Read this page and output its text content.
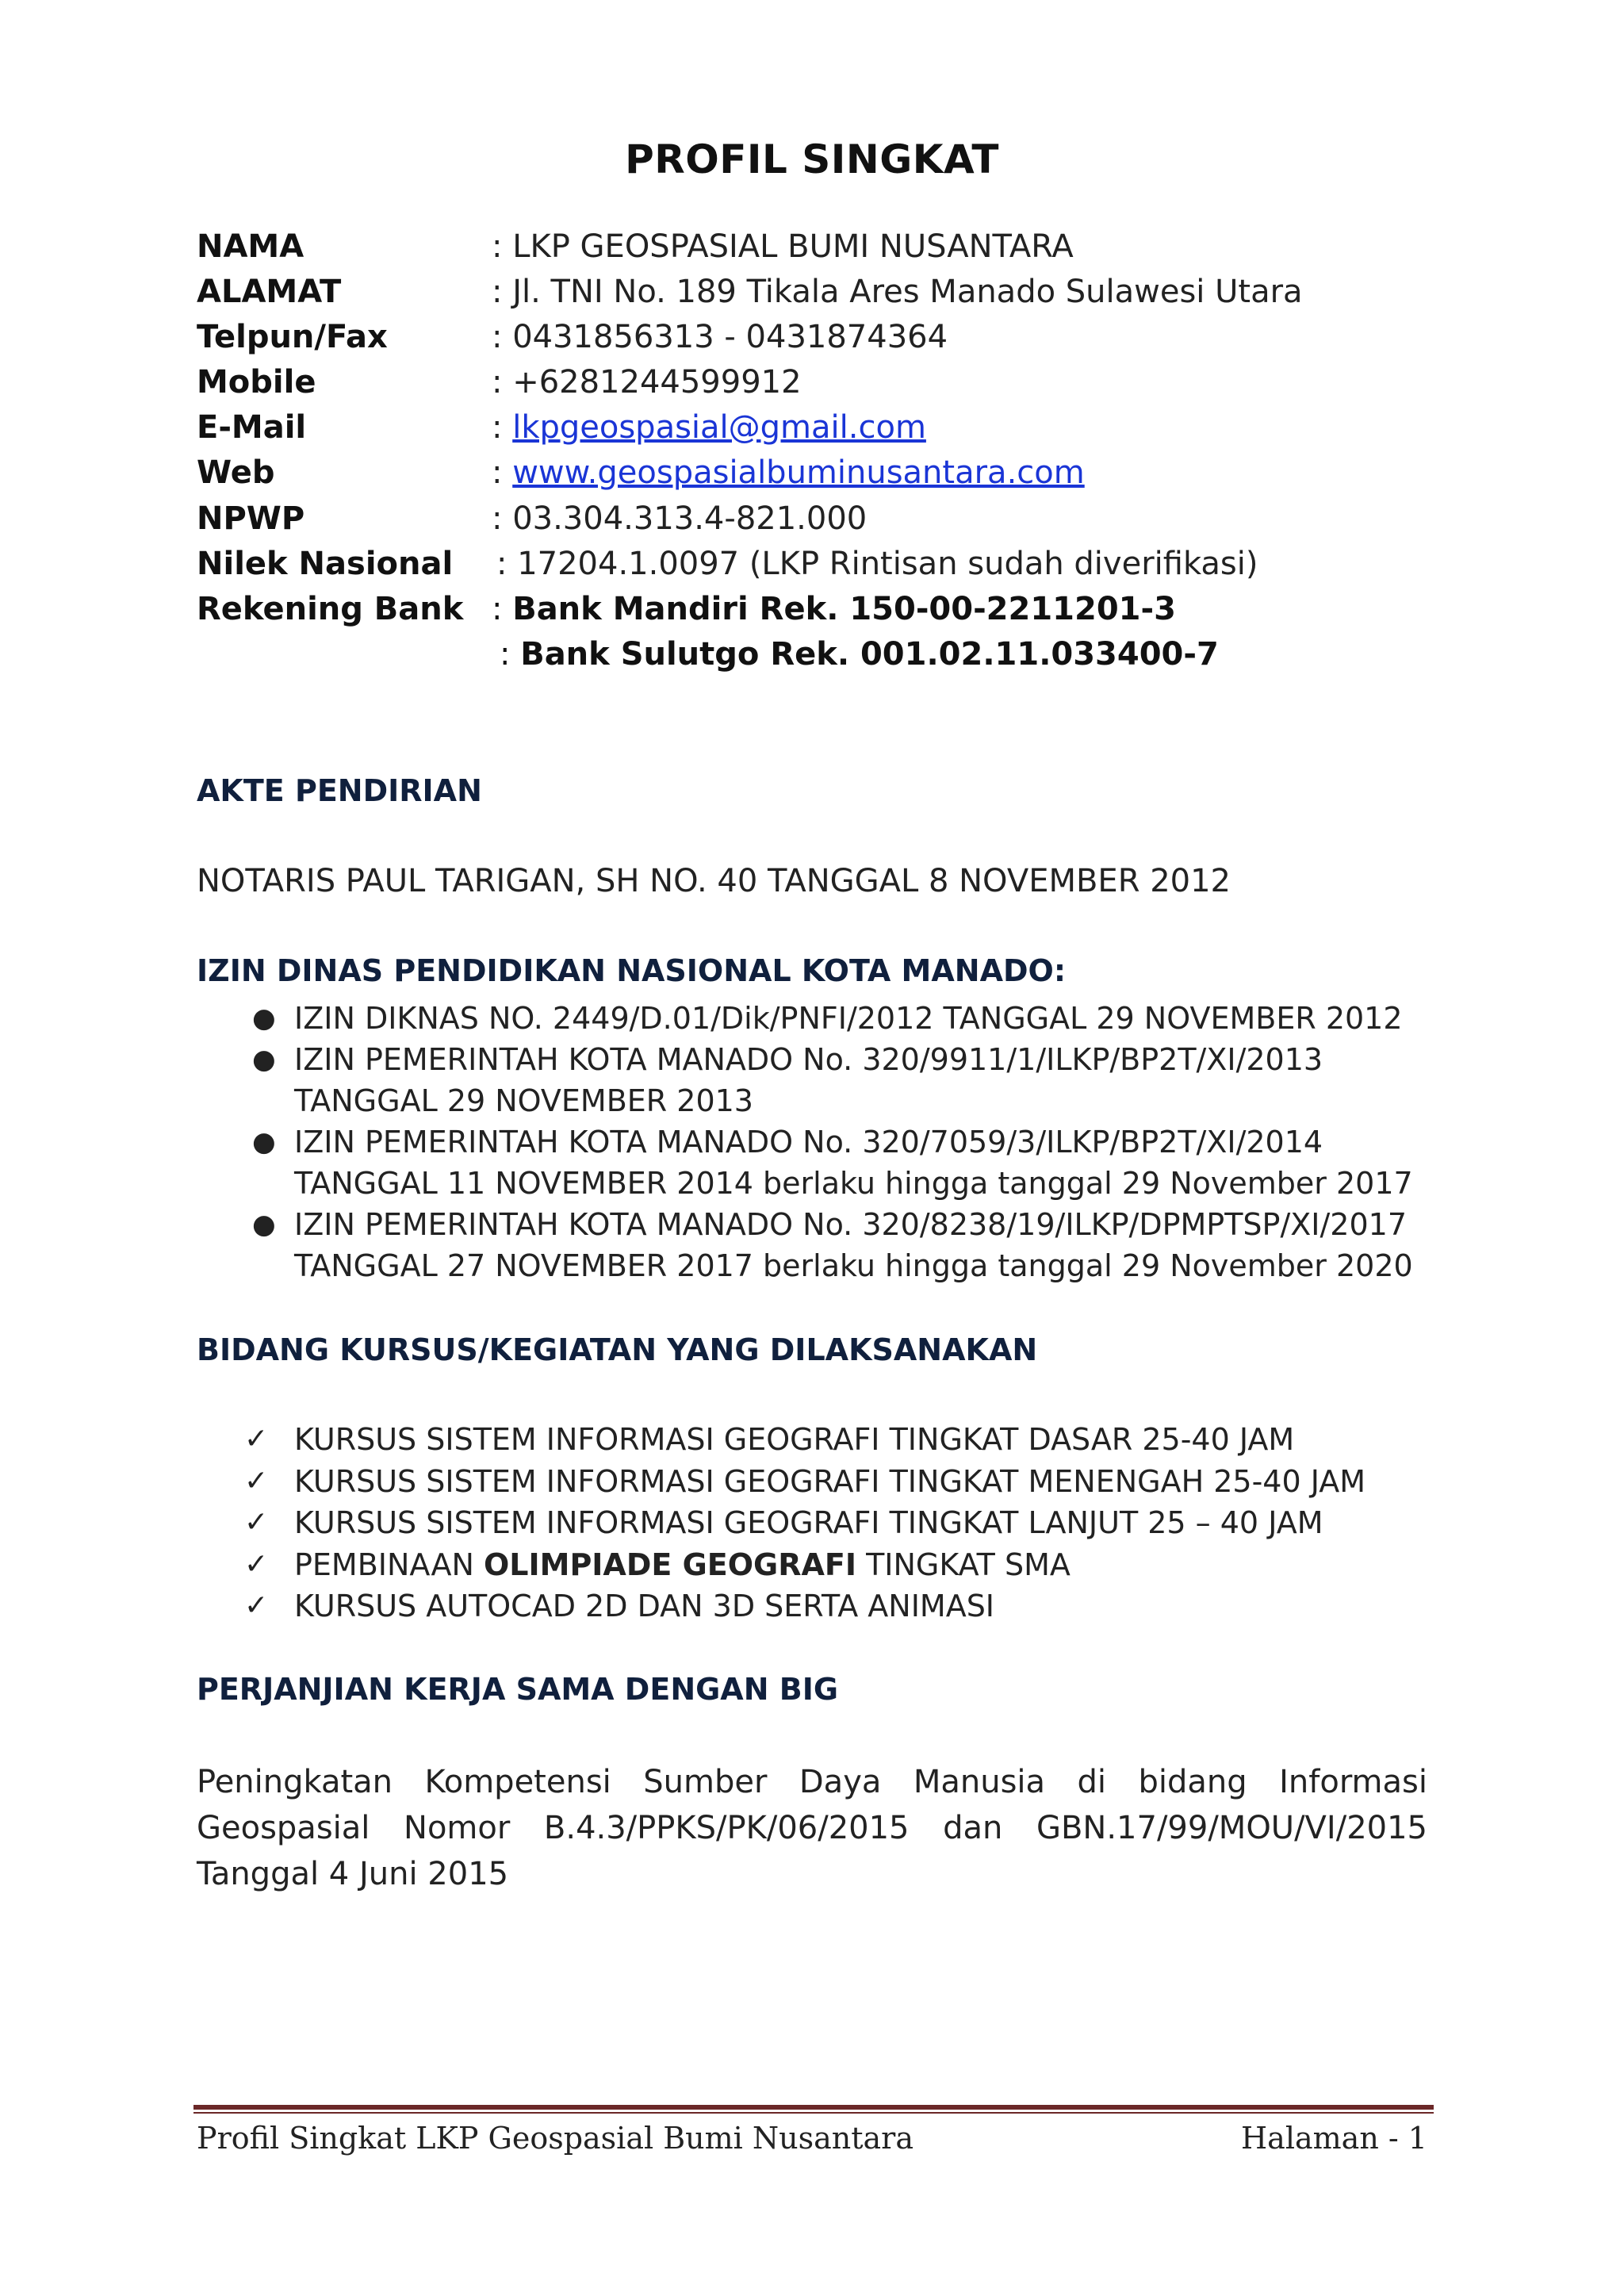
PROFIL SINGKAT
NAMA	: LKP GEOSPASIAL BUMI NUSANTARA
ALAMAT	: Jl. TNI No. 189 Tikala Ares Manado Sulawesi Utara
Telpun/Fax	: 0431856313 - 0431874364
Mobile	: +6281244599912
E-Mail	: lkpgeospasial@gmail.com
Web	: www.geospasialbuminusantara.com
NPWP	: 03.304.313.4-821.000
Nilek Nasional : 17204.1.0097 (LKP Rintisan sudah diverifikasi)
Rekening Bank : Bank Mandiri Rek. 150-00-2211201-3
: Bank Sulutgo Rek. 001.02.11.033400-7
AKTE PENDIRIAN
NOTARIS PAUL TARIGAN, SH NO. 40 TANGGAL 8 NOVEMBER 2012
IZIN DINAS PENDIDIKAN NASIONAL KOTA MANADO:
● IZIN DIKNAS NO. 2449/D.01/Dik/PNFI/2012 TANGGAL 29 NOVEMBER 2012
● IZIN PEMERINTAH KOTA MANADO No. 320/9911/1/ILKP/BP2T/XI/2013 TANGGAL 29 NOVEMBER 2013
● IZIN PEMERINTAH KOTA MANADO No. 320/7059/3/ILKP/BP2T/XI/2014 TANGGAL 11 NOVEMBER 2014 berlaku hingga tanggal 29 November 2017
● IZIN PEMERINTAH KOTA MANADO No. 320/8238/19/ILKP/DPMPTSP/XI/2017 TANGGAL 27 NOVEMBER 2017 berlaku hingga tanggal 29 November 2020
BIDANG KURSUS/KEGIATAN YANG DILAKSANAKAN
✓ KURSUS SISTEM INFORMASI GEOGRAFI TINGKAT DASAR 25-40 JAM
✓ KURSUS SISTEM INFORMASI GEOGRAFI TINGKAT MENENGAH 25-40 JAM
✓ KURSUS SISTEM INFORMASI GEOGRAFI TINGKAT LANJUT 25 – 40 JAM
✓ PEMBINAAN OLIMPIADE GEOGRAFI TINGKAT SMA
✓ KURSUS AUTOCAD 2D DAN 3D SERTA ANIMASI
PERJANJIAN KERJA SAMA DENGAN BIG
Peningkatan Kompetensi Sumber Daya Manusia di bidang Informasi Geospasial Nomor B.4.3/PPKS/PK/06/2015 dan GBN.17/99/MOU/VI/2015 Tanggal 4 Juni 2015
Profil Singkat LKP Geospasial Bumi Nusantara	Halaman - 1
